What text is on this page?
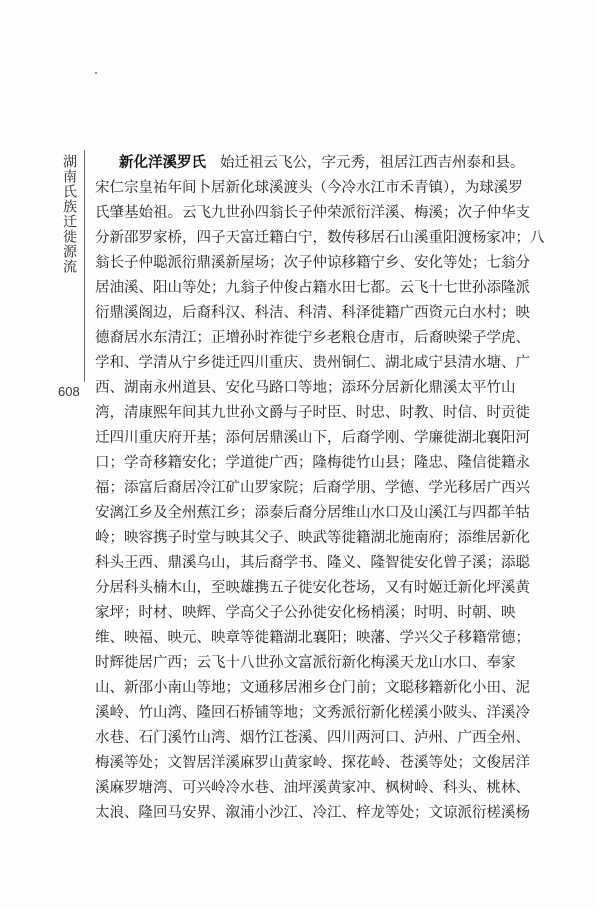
湖南氏族迁徙源流
608
新化洋溪罗氏 始迁祖云飞公，字元秀，祖居江西吉州泰和县。
宋仁宗皇祐年间卜居新化球溪渡头（今冷水江市禾青镇），为球溪罗
氏肇基始祖。云飞九世孙四翁长子仲荣派衍洋溪、梅溪；次子仲华支
分新邵罗家桥，四子天富迁籍白宁，数传移居石山溪重阳渡杨家冲；八
翁长子仲聪派衍鼎溪新屋场；次子仲谅移籍宁乡、安化等处；七翁分
居油溪、阳山等处；九翁子仲俊占籍水田七都。云飞十七世孙添隆派
衍鼎溪阁边，后裔科汉、科洁、科清、科泽徙籍广西资元白水村；映
德裔居水东清江；正增孙时祚徙宁乡老粮仓唐市，后裔映梁子学虎、
学和、学清从宁乡徙迁四川重庆、贵州铜仁、湖北咸宁县清水塘、广
西、湖南永州道县、安化马路口等地；添环分居新化鼎溪太平竹山
湾，清康熙年间其九世孙文爵与子时臣、时忠、时教、时信、时贡徙
迁四川重庆府开基；添何居鼎溪山下，后裔学刚、学廉徙湖北襄阳河
口；学奇移籍安化；学道徙广西；隆梅徙竹山县；隆忠、隆信徙籍永
福；添富后裔居冷江矿山罗家院；后裔学朋、学德、学光移居广西兴
安漓江乡及全州蕉江乡；添泰后裔分居维山水口及山溪江与四都羊牯
岭；映容携子时堂与映其父子、映武等徙籍湖北施南府；添维居新化
科头王西、鼎溪乌山，其后裔学书、隆义、隆智徙安化曾子溪；添聪
分居科头楠木山，至映雄携五子徙安化苍场，又有时姬迁新化坪溪黄
家坪；时材、映辉、学高父子公孙徙安化杨梢溪；时明、时朝、映
维、映福、映元、映章等徙籍湖北襄阳；映藩、学兴父子移籍常德；
时辉徙居广西；云飞十八世孙文富派衍新化梅溪天龙山水口、奉家
山、新邵小南山等地；文通移居湘乡仓门前；文聪移籍新化小田、泥
溪岭、竹山湾、隆回石桥铺等地；文秀派衍新化槎溪小陂头、洋溪冷
水巷、石门溪竹山湾、烟竹江苍溪、四川两河口、泸州、广西全州、
梅溪等处；文智居洋溪麻罗山黄家岭、探花岭、苍溪等处；文俊居洋
溪麻罗塘湾、可兴岭冷水巷、油坪溪黄家冲、枫树岭、科头、桃林、
太浪、隆回马安界、溆浦小沙江、冷江、梓龙等处；文谅派衍槎溪杨
